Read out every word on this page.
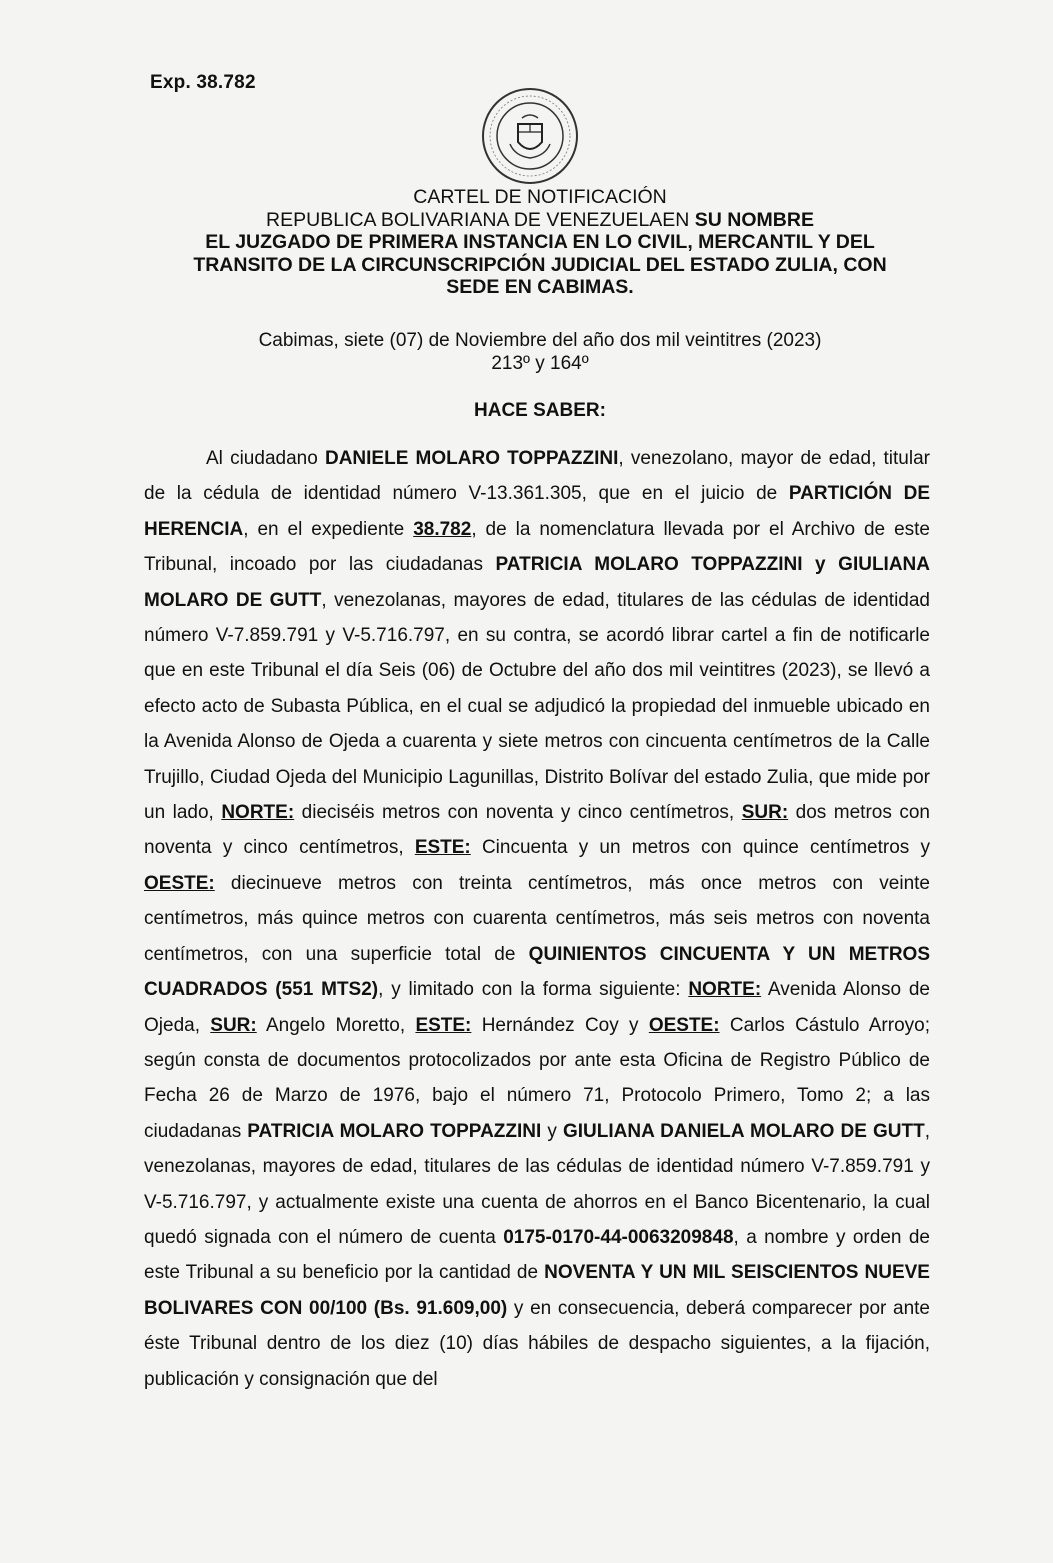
Exp. 38.782
CARTEL DE NOTIFICACIÓN
REPUBLICA BOLIVARIANA DE VENEZUELAEN SU NOMBRE
EL JUZGADO DE PRIMERA INSTANCIA EN LO CIVIL, MERCANTIL Y DEL
TRANSITO DE LA CIRCUNSCRIPCIÓN JUDICIAL DEL ESTADO ZULIA, CON
SEDE EN CABIMAS.
Cabimas, siete (07) de Noviembre del año dos mil veintitres (2023)
213º y 164º
HACE SABER:

Al ciudadano DANIELE MOLARO TOPPAZZINI, venezolano, mayor de edad, titular de la cédula de identidad número V-13.361.305, que en el juicio de PARTICIÓN DE HERENCIA, en el expediente 38.782, de la nomenclatura llevada por el Archivo de este Tribunal, incoado por las ciudadanas PATRICIA MOLARO TOPPAZZINI y GIULIANA MOLARO DE GUTT, venezolanas, mayores de edad, titulares de las cédulas de identidad número V-7.859.791 y V-5.716.797, en su contra, se acordó librar cartel a fin de notificarle que en este Tribunal el día Seis (06) de Octubre del año dos mil veintitres (2023), se llevó a efecto acto de Subasta Pública, en el cual se adjudicó la propiedad del inmueble ubicado en la Avenida Alonso de Ojeda a cuarenta y siete metros con cincuenta centímetros de la Calle Trujillo, Ciudad Ojeda del Municipio Lagunillas, Distrito Bolívar del estado Zulia, que mide por un lado, NORTE: dieciséis metros con noventa y cinco centímetros, SUR: dos metros con noventa y cinco centímetros, ESTE: Cincuenta y un metros con quince centímetros y OESTE: diecinueve metros con treinta centímetros, más once metros con veinte centímetros, más quince metros con cuarenta centímetros, más seis metros con noventa centímetros, con una superficie total de QUINIENTOS CINCUENTA Y UN METROS CUADRADOS (551 MTS2), y limitado con la forma siguiente: NORTE: Avenida Alonso de Ojeda, SUR: Angelo Moretto, ESTE: Hernández Coy y OESTE: Carlos Cástulo Arroyo; según consta de documentos protocolizados por ante esta Oficina de Registro Público de Fecha 26 de Marzo de 1976, bajo el número 71, Protocolo Primero, Tomo 2; a las ciudadanas PATRICIA MOLARO TOPPAZZINI y GIULIANA DANIELA MOLARO DE GUTT, venezolanas, mayores de edad, titulares de las cédulas de identidad número V-7.859.791 y V-5.716.797, y actualmente existe una cuenta de ahorros en el Banco Bicentenario, la cual quedó signada con el número de cuenta 0175-0170-44-0063209848, a nombre y orden de este Tribunal a su beneficio por la cantidad de NOVENTA Y UN MIL SEISCIENTOS NUEVE BOLIVARES CON 00/100 (Bs. 91.609,00) y en consecuencia, deberá comparecer por ante éste Tribunal dentro de los diez (10) días hábiles de despacho siguientes, a la fijación, publicación y consignación que del
